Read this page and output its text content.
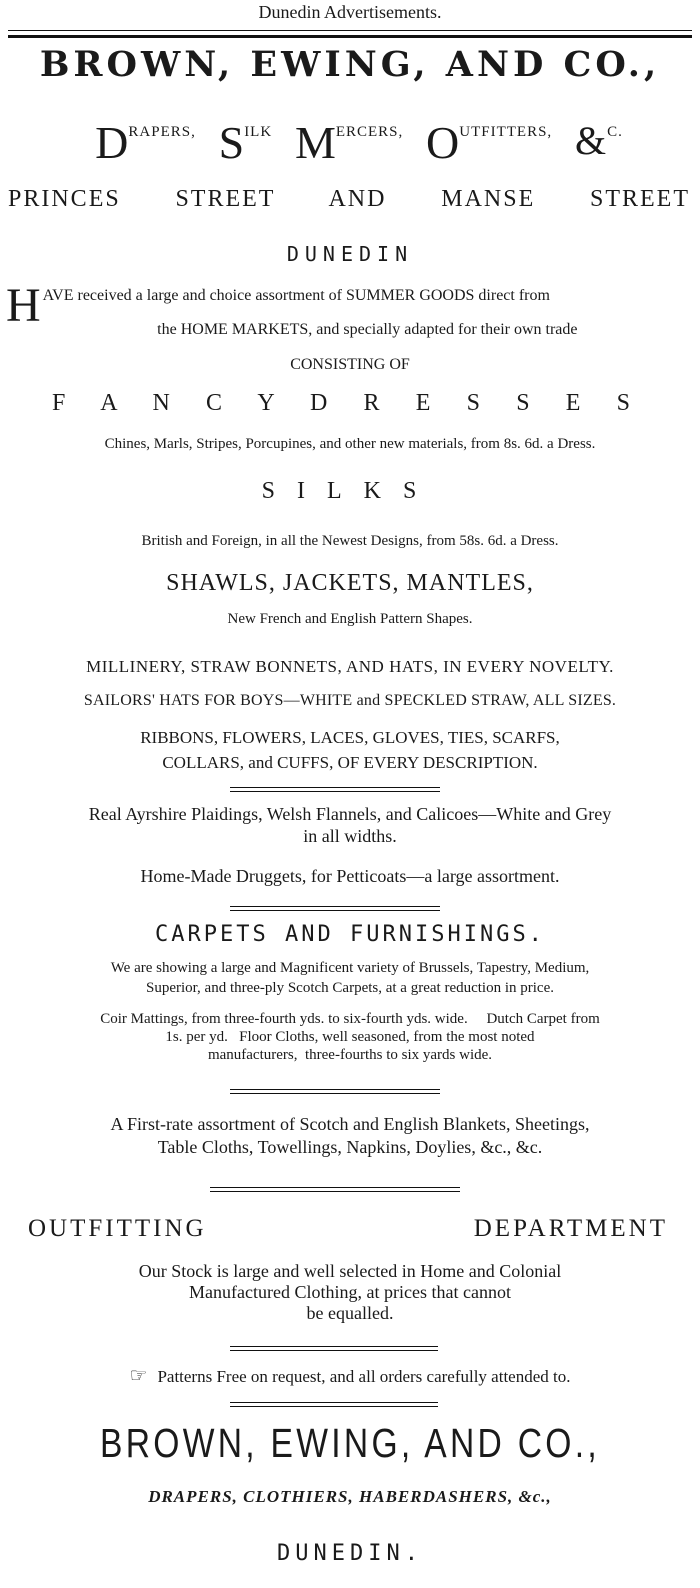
Dunedin Advertisements.
BROWN, EWING, AND CO.,
DRAPERS, SILK MERCERS, OUTFITTERS, &C.
PRINCES STREET AND MANSE STREET
DUNEDIN
H AVE received a large and choice assortment of SUMMER GOODS direct from
the HOME MARKETS, and specially adapted for their own trade
CONSISTING OF
F A N C Y D R E S S E S
Chines, Marls, Stripes, Porcupines, and other new materials, from 8s. 6d. a Dress.
SILKS
British and Foreign, in all the Newest Designs, from 58s. 6d. a Dress.
SHAWLS, JACKETS, MANTLES,
New French and English Pattern Shapes.
MILLINERY, STRAW BONNETS, AND HATS, IN EVERY NOVELTY.
SAILORS' HATS FOR BOYS—WHITE and SPECKLED STRAW, ALL SIZES.
RIBBONS, FLOWERS, LACES, GLOVES, TIES, SCARFS,
COLLARS, and CUFFS, OF EVERY DESCRIPTION.
Real Ayrshire Plaidings, Welsh Flannels, and Calicoes—White and Grey
in all widths.
Home-Made Druggets, for Petticoats—a large assortment.
CARPETS AND FURNISHINGS.
We are showing a large and Magnificent variety of Brussels, Tapestry, Medium,
Superior, and three-ply Scotch Carpets, at a great reduction in price.
Coir Mattings, from three-fourth yds. to six-fourth yds. wide.     Dutch Carpet from
1s. per yd.   Floor Cloths, well seasoned, from the most noted
manufacturers,  three-fourths to six yards wide.
A First-rate assortment of Scotch and English Blankets, Sheetings,
Table Cloths, Towellings, Napkins, Doylies, &c., &c.
OUTFITTING DEPARTMENT
Our Stock is large and well selected in Home and Colonial
Manufactured Clothing, at prices that cannot
be equalled.
☞ Patterns Free on request, and all orders carefully attended to.
BROWN, EWING, AND CO.,
DRAPERS, CLOTHIERS, HABERDASHERS, &c.,
DUNEDIN.
